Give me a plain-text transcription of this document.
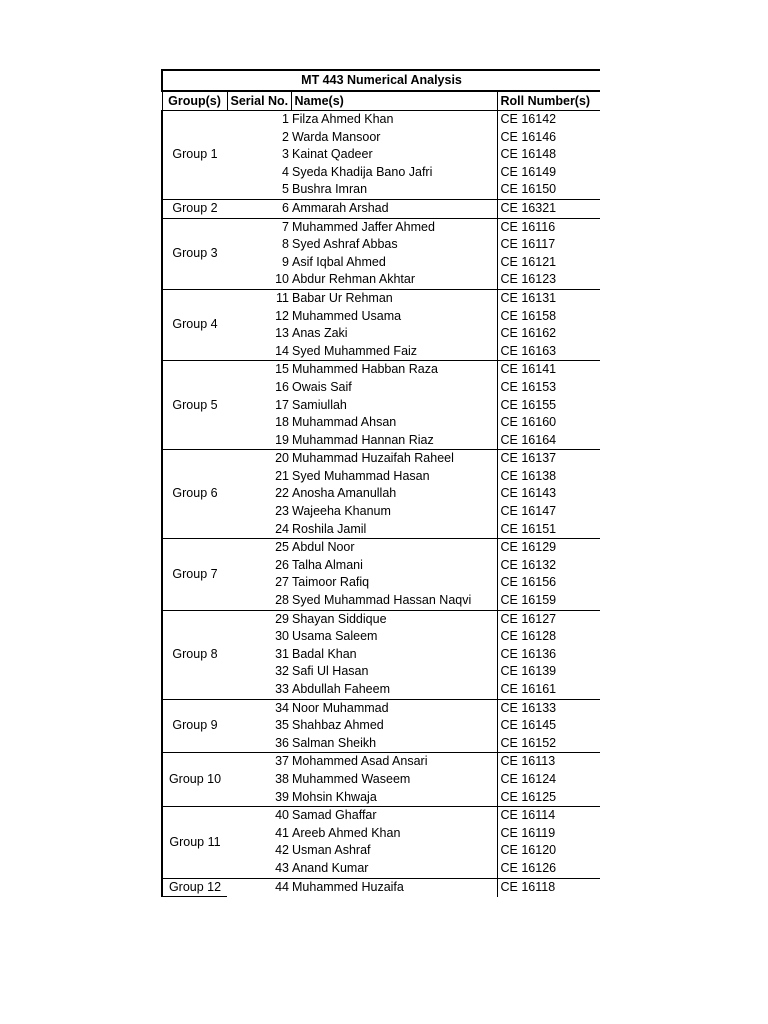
MT 443 Numerical Analysis			
Group(s)	Serial No.	Name(s)	Roll Number(s)
Group 1	1	Filza Ahmed Khan	CE 16142
	2	Warda Mansoor	CE 16146
	3	Kainat Qadeer	CE 16148
	4	Syeda Khadija Bano Jafri	CE 16149
	5	Bushra Imran	CE 16150
Group 2	6	Ammarah Arshad	CE 16321
Group 3	7	Muhammed Jaffer Ahmed	CE 16116
	8	Syed Ashraf Abbas	CE 16117
	9	Asif Iqbal Ahmed	CE 16121
	10	Abdur Rehman Akhtar	CE 16123
Group 4	11	Babar Ur Rehman	CE 16131
	12	Muhammed Usama	CE 16158
	13	Anas Zaki	CE 16162
	14	Syed Muhammed Faiz	CE 16163
Group 5	15	Muhammed Habban Raza	CE 16141
	16	Owais Saif	CE 16153
	17	Samiullah	CE 16155
	18	Muhammad Ahsan	CE 16160
	19	Muhammad Hannan Riaz	CE 16164
Group 6	20	Muhammad Huzaifah Raheel	CE 16137
	21	Syed Muhammad Hasan	CE 16138
	22	Anosha Amanullah	CE 16143
	23	Wajeeha Khanum	CE 16147
	24	Roshila Jamil	CE 16151
Group 7	25	Abdul Noor	CE 16129
	26	Talha Almani	CE 16132
	27	Taimoor Rafiq	CE 16156
	28	Syed Muhammad Hassan Naqvi	CE 16159
Group 8	29	Shayan Siddique	CE 16127
	30	Usama Saleem	CE 16128
	31	Badal Khan	CE 16136
	32	Safi Ul Hasan	CE 16139
	33	Abdullah Faheem	CE 16161
Group 9	34	Noor Muhammad	CE 16133
	35	Shahbaz Ahmed	CE 16145
	36	Salman Sheikh	CE 16152
Group 10	37	Mohammed Asad Ansari	CE 16113
	38	Muhammed Waseem	CE 16124
	39	Mohsin Khwaja	CE 16125
Group 11	40	Samad Ghaffar	CE 16114
	41	Areeb Ahmed Khan	CE 16119
	42	Usman Ashraf	CE 16120
	43	Anand Kumar	CE 16126
Group 12	44	Muhammed Huzaifa	CE 16118
